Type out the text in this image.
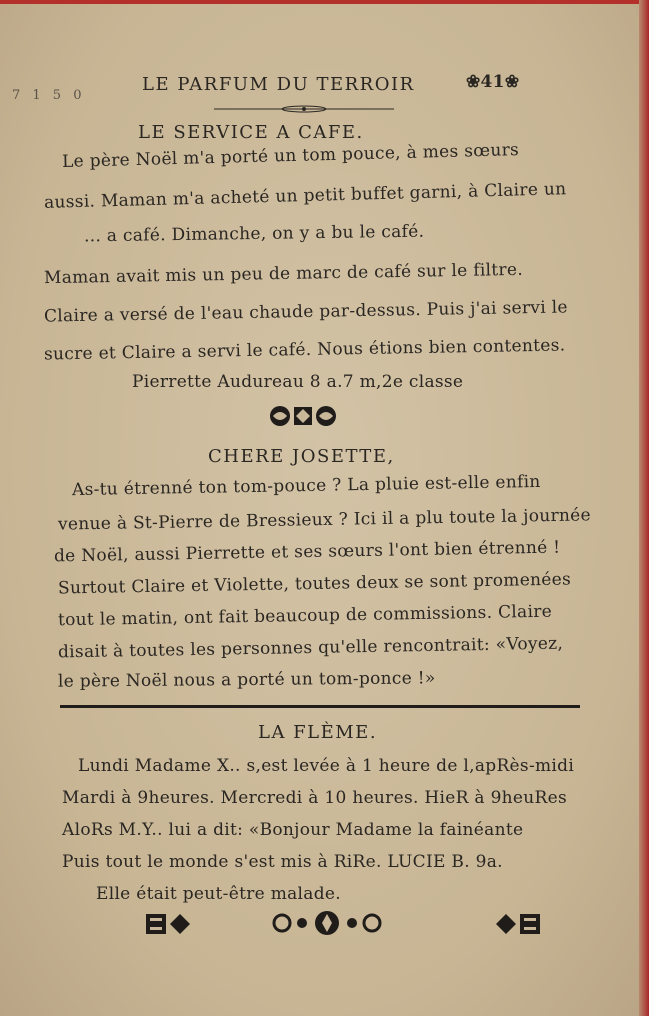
7 1 5 0
LE PARFUM DU TERROIR	❀41❀
LE SERVICE A CAFE.
Le père Noël m'a porté un tom pouce, à mes sœurs
aussi. Maman m'a acheté un petit buffet garni, à Claire un
... a café. Dimanche, on y a bu le café.
Maman avait mis un peu de marc de café sur le filtre.
Claire a versé de l'eau chaude par-dessus. Puis j'ai servi le
sucre et Claire a servi le café. Nous étions bien contentes.
Pierrette Audureau 8 a.7 m,2e classe
CHERE JOSETTE,
As-tu étrenné ton tom-pouce ? La pluie est-elle enfin
venue à St-Pierre de Bressieux ? Ici il a plu toute la journée
de Noël, aussi Pierrette et ses sœurs l'ont bien étrenné !
Surtout Claire et Violette, toutes deux se sont promenées
tout le matin, ont fait beaucoup de commissions. Claire
disait à toutes les personnes qu'elle rencontrait: «Voyez,
le père Noël nous a porté un tom-ponce !»
LA FLÈME.
Lundi Madame X.. s,est levée à 1 heure de l,apRès-midi
Mardi à 9heures. Mercredi à 10 heures. HieR à 9heuRes
AloRs M.Y.. lui a dit: «Bonjour Madame la fainéante
Puis tout le monde s'est mis à RiRe. LUCIE B. 9a.
Elle était peut-être malade.
